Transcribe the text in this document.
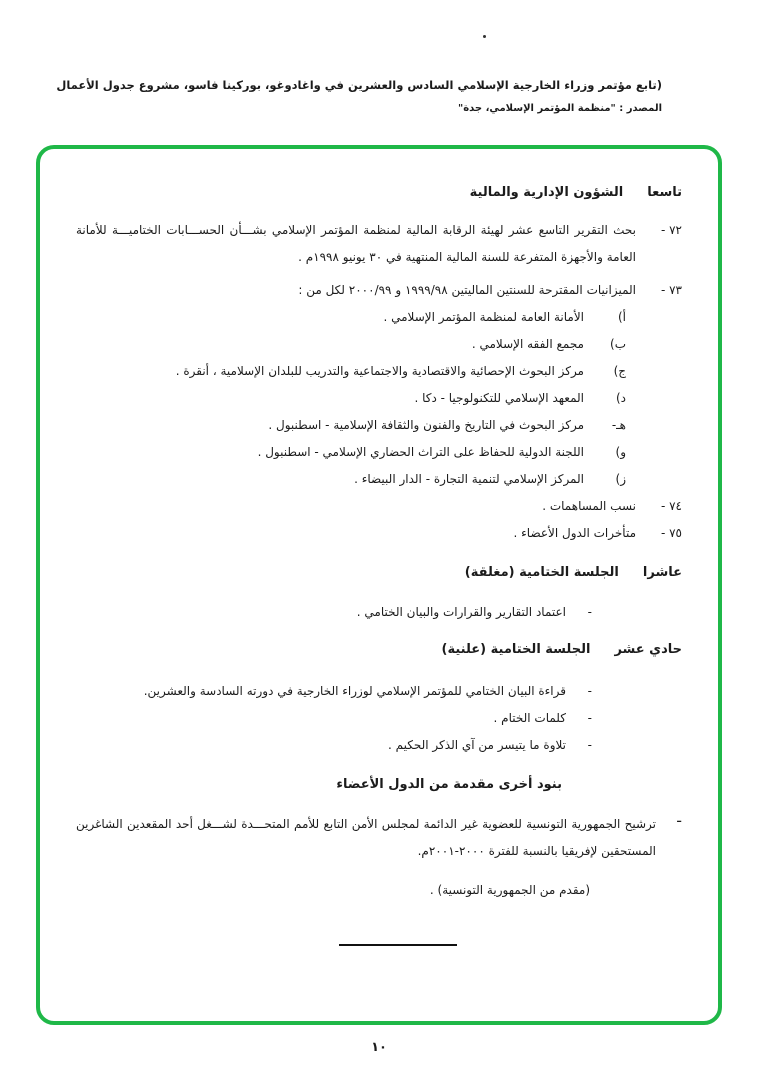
(تابع مؤتمر وزراء الخارجية الإسلامي السادس والعشرين في واغادوغو، بوركينا فاسو، مشروع جدول الأعمال
المصدر : "منظمة المؤتمر الإسلامي، جدة"
تاسعا
الشؤون الإدارية والمالية
٧٢ -

بحث التقرير التاسع عشر لهيئة الرقابة المالية لمنظمة المؤتمر الإسلامي بشـــأن الحســـابات الختاميـــة للأمانة العامة والأجهزة المتفرعة للسنة المالية المنتهية في ٣٠ يونيو ١٩٩٨م .

٧٣ -

الميزانيات المقترحة للسنتين الماليتين ١٩٩٩/٩٨ و ٢٠٠٠/٩٩ لكل من :

أ)
الأمانة العامة لمنظمة المؤتمر الإسلامي .
ب)
مجمع الفقه الإسلامي .
ج)
مركز البحوث الإحصائية والاقتصادية والاجتماعية والتدريب للبلدان الإسلامية ، أنقرة .
د)
المعهد الإسلامي للتكنولوجيا - دكا .
هـ-
مركز البحوث في التاريخ والفنون والثقافة الإسلامية - اسطنبول .
و)
اللجنة الدولية للحفاظ على التراث الحضاري الإسلامي - اسطنبول .
ز)
المركز الإسلامي لتنمية التجارة - الدار البيضاء .
٧٤ -

نسب المساهمات .

٧٥ -

متأخرات الدول الأعضاء .

عاشرا
الجلسة الختامية (مغلقة)
-
اعتماد التقارير والقرارات والبيان الختامي .
حادي عشر
الجلسة الختامية (علنية)
-
قراءة البيان الختامي للمؤتمر الإسلامي لوزراء الخارجية في دورته السادسة والعشرين.
-
كلمات الختام .
-
تلاوة ما يتيسر من آي الذكر الحكيم .
بنود أخرى مقدمة من الدول الأعضاء
-

ترشيح الجمهورية التونسية للعضوية غير الدائمة لمجلس الأمن التابع للأمم المتحـــدة لشـــغل أحد المقعدين الشاغرين المستحقين لإفريقيا بالنسبة للفترة ٢٠٠٠-٢٠٠١م.

(مقدم من الجمهورية التونسية) .
١٠
